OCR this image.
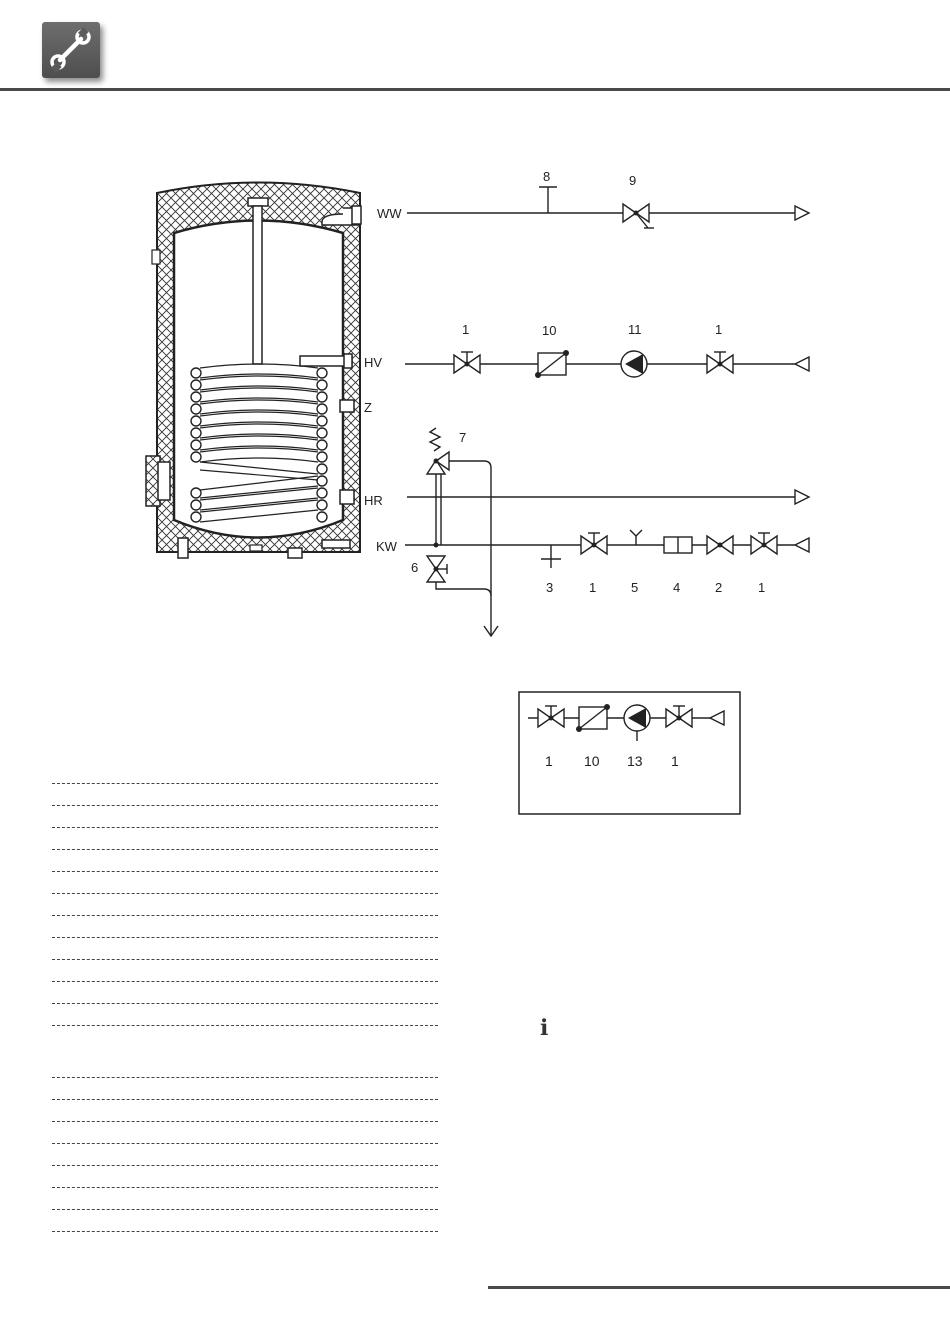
WW
HV
Z
HR
KW
8	9
1	10	11	1
7
6
3	1	5	4	2	1
1 10 13 1
ℹ
